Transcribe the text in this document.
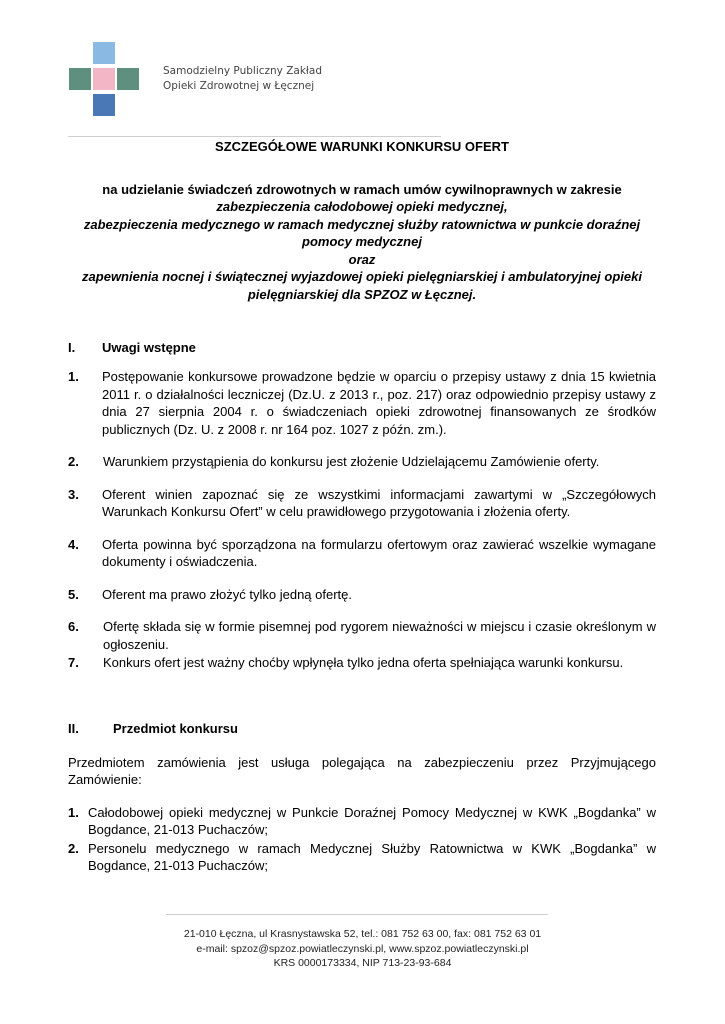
Samodzielny Publiczny Zakład
Opieki Zdrowotnej w Łęcznej
SZCZEGÓŁOWE WARUNKI KONKURSU OFERT
na udzielanie świadczeń zdrowotnych w ramach umów cywilnoprawnych w zakresie
zabezpieczenia całodobowej opieki medycznej,
zabezpieczenia medycznego w ramach medycznej służby ratownictwa w punkcie doraźnej pomocy medycznej
oraz
zapewnienia nocnej i świątecznej wyjazdowej opieki pielęgniarskiej i ambulatoryjnej opieki pielęgniarskiej dla SPZOZ w Łęcznej.
I. Uwagi wstępne
1. Postępowanie konkursowe prowadzone będzie w oparciu o przepisy ustawy z dnia 15 kwietnia 2011 r. o działalności leczniczej (Dz.U. z 2013 r., poz. 217) oraz odpowiednio przepisy ustawy z dnia 27 sierpnia 2004 r. o świadczeniach opieki zdrowotnej finansowanych ze środków publicznych (Dz. U. z 2008 r. nr 164 poz. 1027 z późn. zm.).
2. Warunkiem przystąpienia do konkursu jest złożenie Udzielającemu Zamówienie oferty.
3. Oferent winien zapoznać się ze wszystkimi informacjami zawartymi w „Szczegółowych Warunkach Konkursu Ofert” w celu prawidłowego przygotowania i złożenia oferty.
4. Oferta powinna być sporządzona na formularzu ofertowym oraz zawierać wszelkie wymagane dokumenty i oświadczenia.
5. Oferent ma prawo złożyć tylko jedną ofertę.
6. Ofertę składa się w formie pisemnej pod rygorem nieważności w miejscu i czasie określonym w ogłoszeniu.
7. Konkurs ofert jest ważny choćby wpłynęła tylko jedna oferta spełniająca warunki konkursu.
II.	Przedmiot konkursu
Przedmiotem zamówienia jest usługa polegająca na zabezpieczeniu przez Przyjmującego Zamówienie:
1. Całodobowej opieki medycznej w Punkcie Doraźnej Pomocy Medycznej w KWK „Bogdanka” w Bogdance, 21-013 Puchaczów;
2. Personelu medycznego w ramach Medycznej Służby Ratownictwa w KWK „Bogdanka” w Bogdance, 21-013 Puchaczów;
21-010 Łęczna, ul Krasnystawska 52, tel.: 081 752 63 00, fax: 081 752 63 01
e-mail: spzoz@spzoz.powiatleczynski.pl, www.spzoz.powiatleczynski.pl
KRS 0000173334, NIP 713-23-93-684
